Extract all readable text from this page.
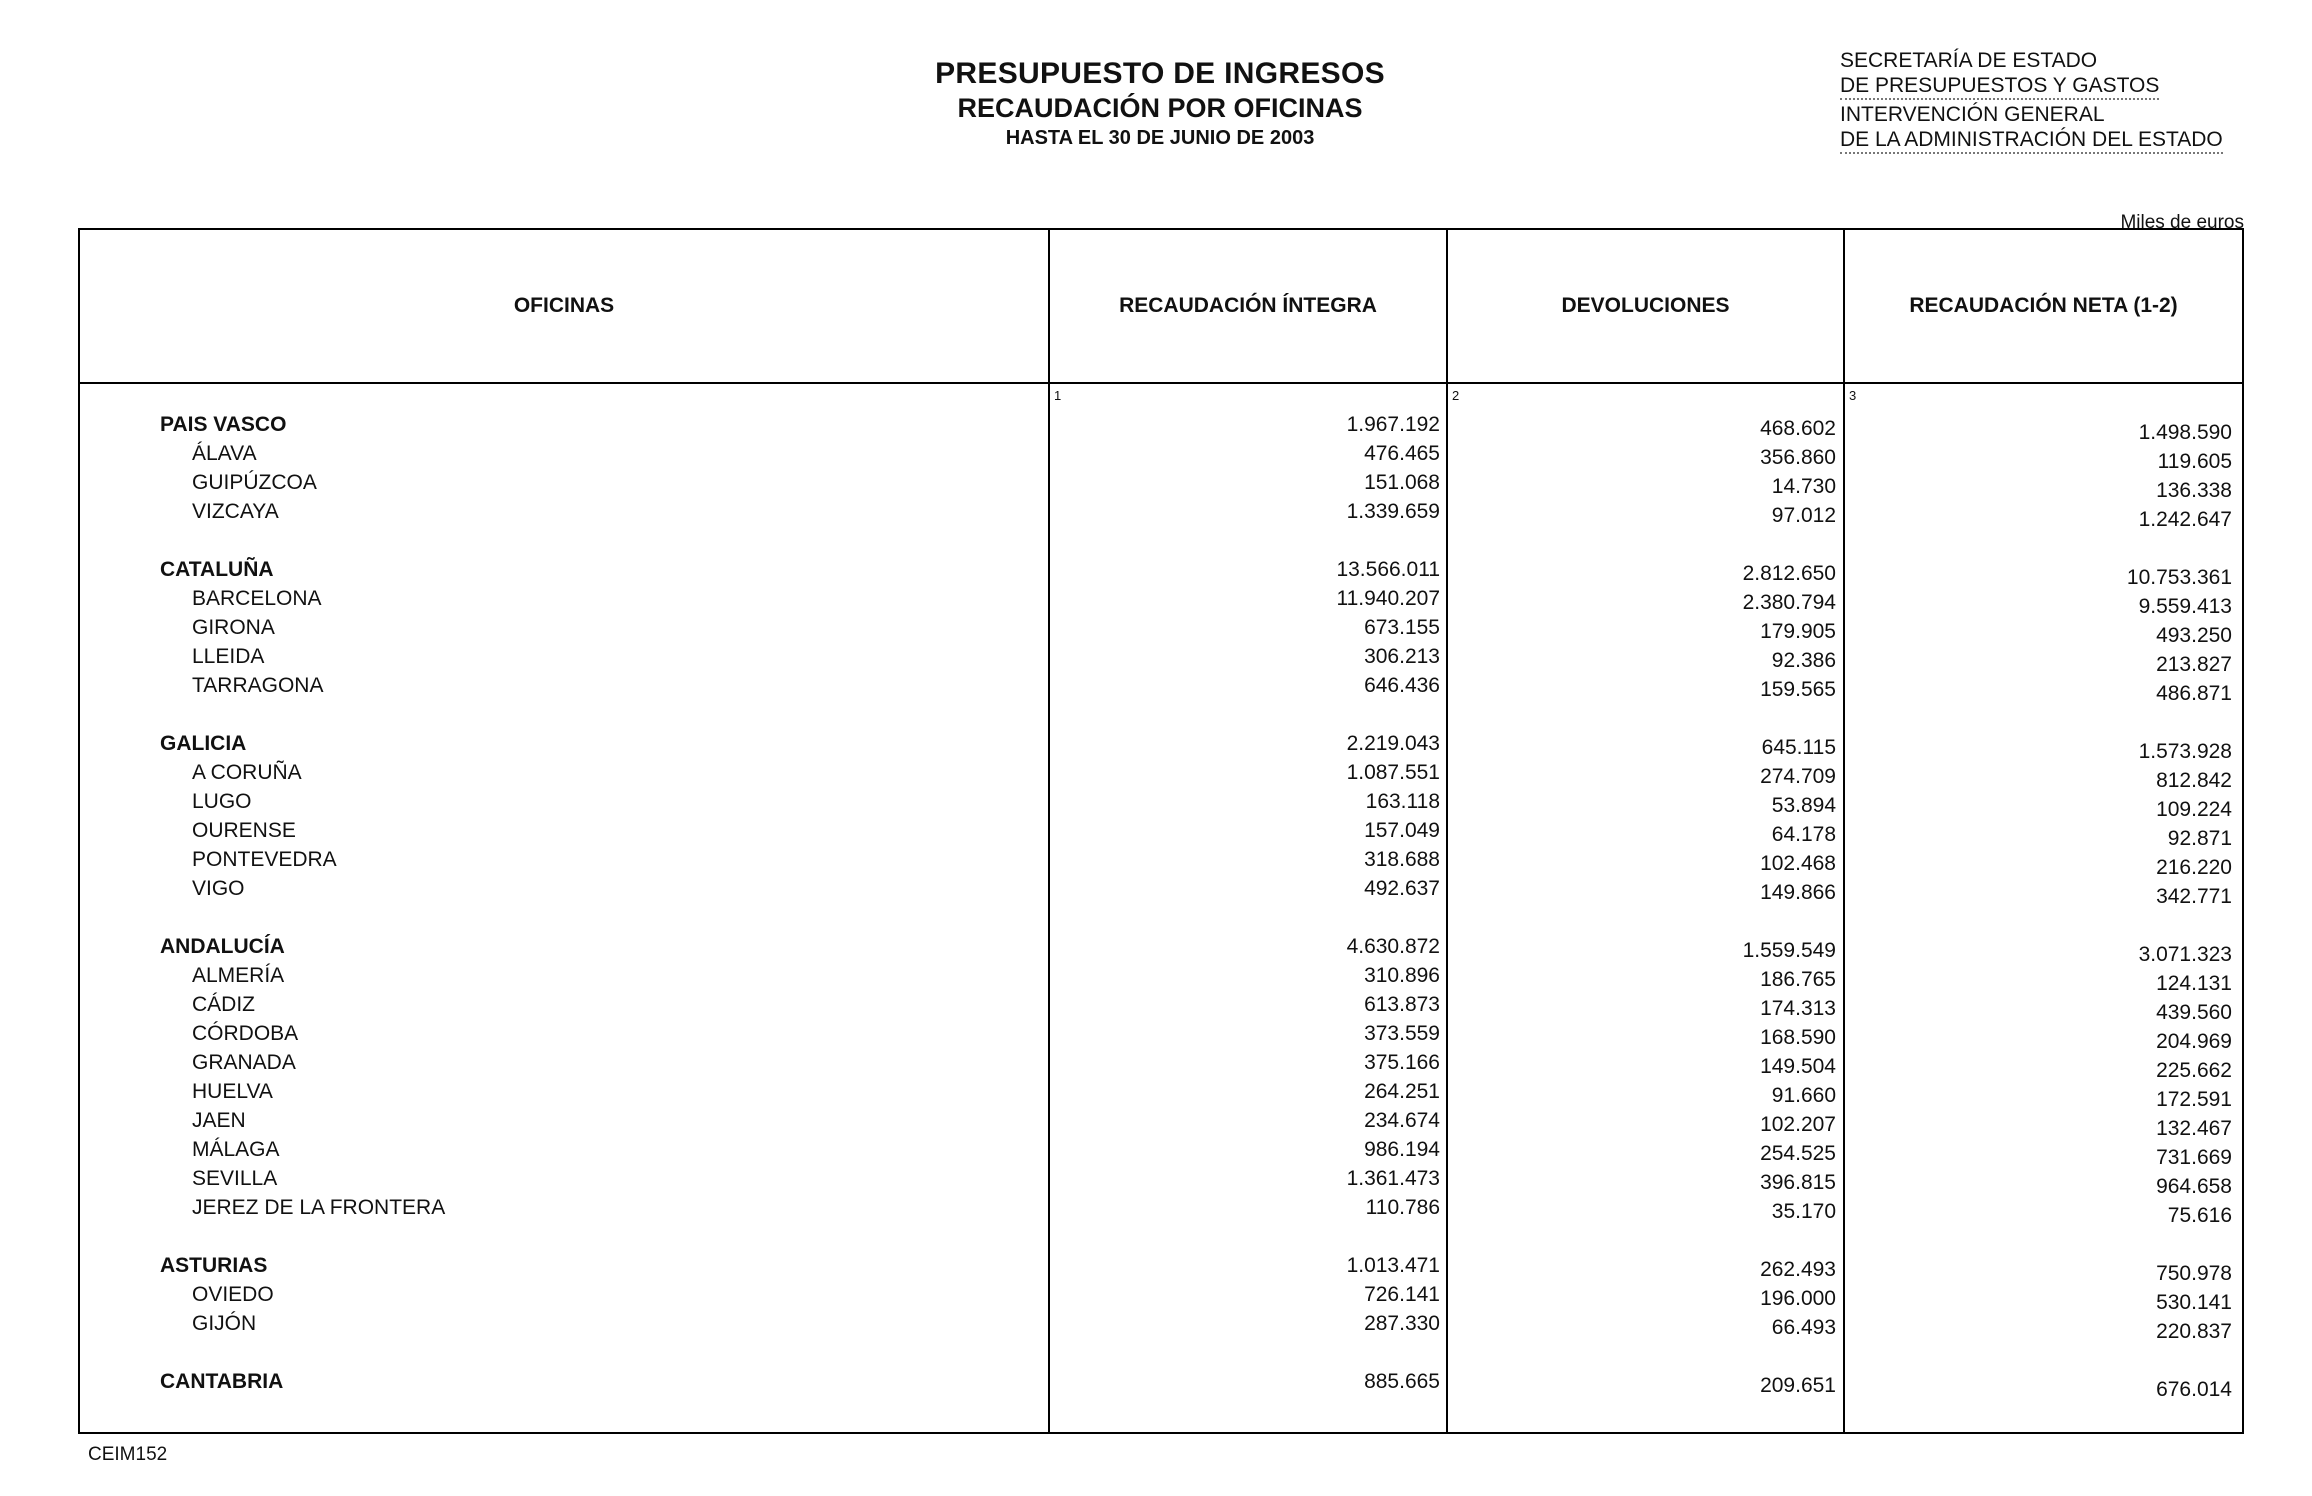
PRESUPUESTO DE INGRESOS
RECAUDACIÓN POR OFICINAS
HASTA EL 30 DE JUNIO DE 2003
SECRETARÍA DE ESTADO
DE PRESUPUESTOS Y GASTOS
INTERVENCIÓN GENERAL
DE LA ADMINISTRACIÓN DEL ESTADO
Miles de euros
OFICINAS	RECAUDACIÓN ÍNTEGRA	DEVOLUCIONES	RECAUDACIÓN NETA (1-2)
1	2	3
PAIS VASCO	1.967.192	468.602	1.498.590
ÁLAVA	476.465	356.860	119.605
GUIPÚZCOA	151.068	14.730	136.338
VIZCAYA	1.339.659	97.012	1.242.647
CATALUÑA	13.566.011	2.812.650	10.753.361
BARCELONA	11.940.207	2.380.794	9.559.413
GIRONA	673.155	179.905	493.250
LLEIDA	306.213	92.386	213.827
TARRAGONA	646.436	159.565	486.871
GALICIA	2.219.043	645.115	1.573.928
A CORUÑA	1.087.551	274.709	812.842
LUGO	163.118	53.894	109.224
OURENSE	157.049	64.178	92.871
PONTEVEDRA	318.688	102.468	216.220
VIGO	492.637	149.866	342.771
ANDALUCÍA	4.630.872	1.559.549	3.071.323
ALMERÍA	310.896	186.765	124.131
CÁDIZ	613.873	174.313	439.560
CÓRDOBA	373.559	168.590	204.969
GRANADA	375.166	149.504	225.662
HUELVA	264.251	91.660	172.591
JAEN	234.674	102.207	132.467
MÁLAGA	986.194	254.525	731.669
SEVILLA	1.361.473	396.815	964.658
JEREZ DE LA FRONTERA	110.786	35.170	75.616
ASTURIAS	1.013.471	262.493	750.978
OVIEDO	726.141	196.000	530.141
GIJÓN	287.330	66.493	220.837
CANTABRIA	885.665	209.651	676.014
CEIM152
